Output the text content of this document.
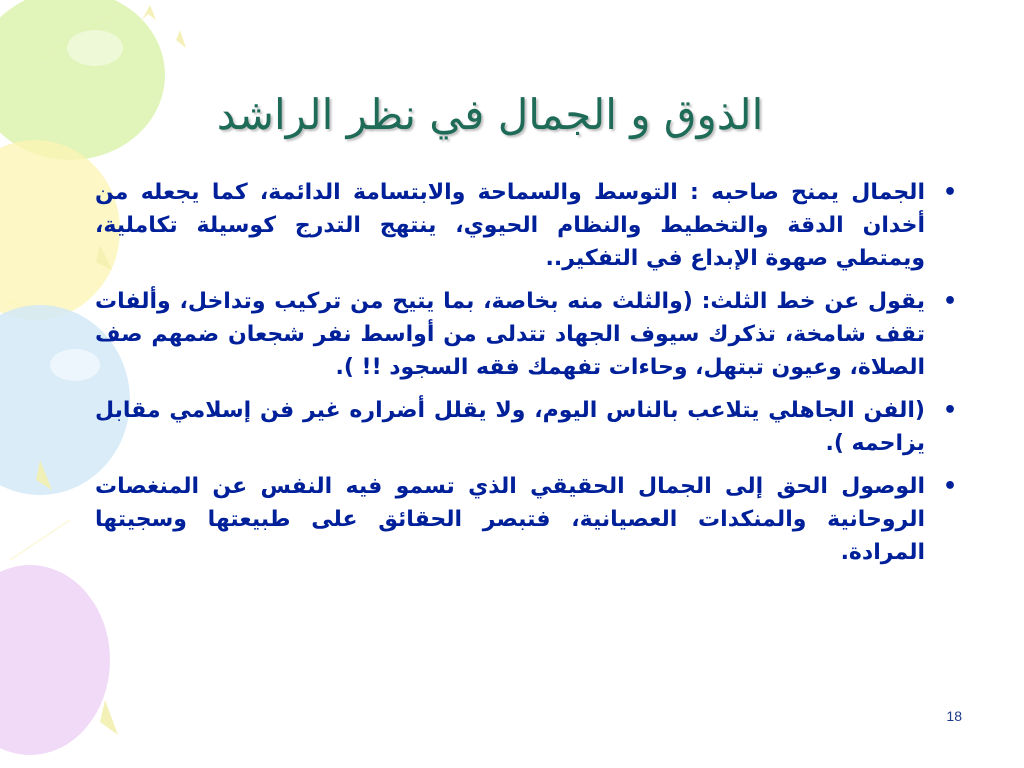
الذوق و الجمال في نظر الراشد
•
الجمال يمنح صاحبه : التوسط والسماحة والابتسامة الدائمة، كما يجعله من أخدان الدقة والتخطيط والنظام الحيوي، ينتهج التدرج كوسيلة تكاملية، ويمتطي صهوة الإبداع في التفكير..
•
يقول عن خط الثلث: (والثلث منه بخاصة، بما يتيح من تركيب وتداخل، وألفات تقف شامخة، تذكرك سيوف الجهاد تتدلى من أواسط نفر شجعان ضمهم صف الصلاة، وعيون تبتهل، وحاءات تفهمك فقه السجود !! ).
•
(الفن الجاهلي يتلاعب بالناس اليوم، ولا يقلل أضراره غير فن إسلامي مقابل يزاحمه ).
•
الوصول الحق إلى الجمال الحقيقي الذي تسمو فيه النفس عن المنغصات الروحانية والمنكدات العصيانية، فتبصر الحقائق على طبيعتها وسجيتها المرادة.
18
